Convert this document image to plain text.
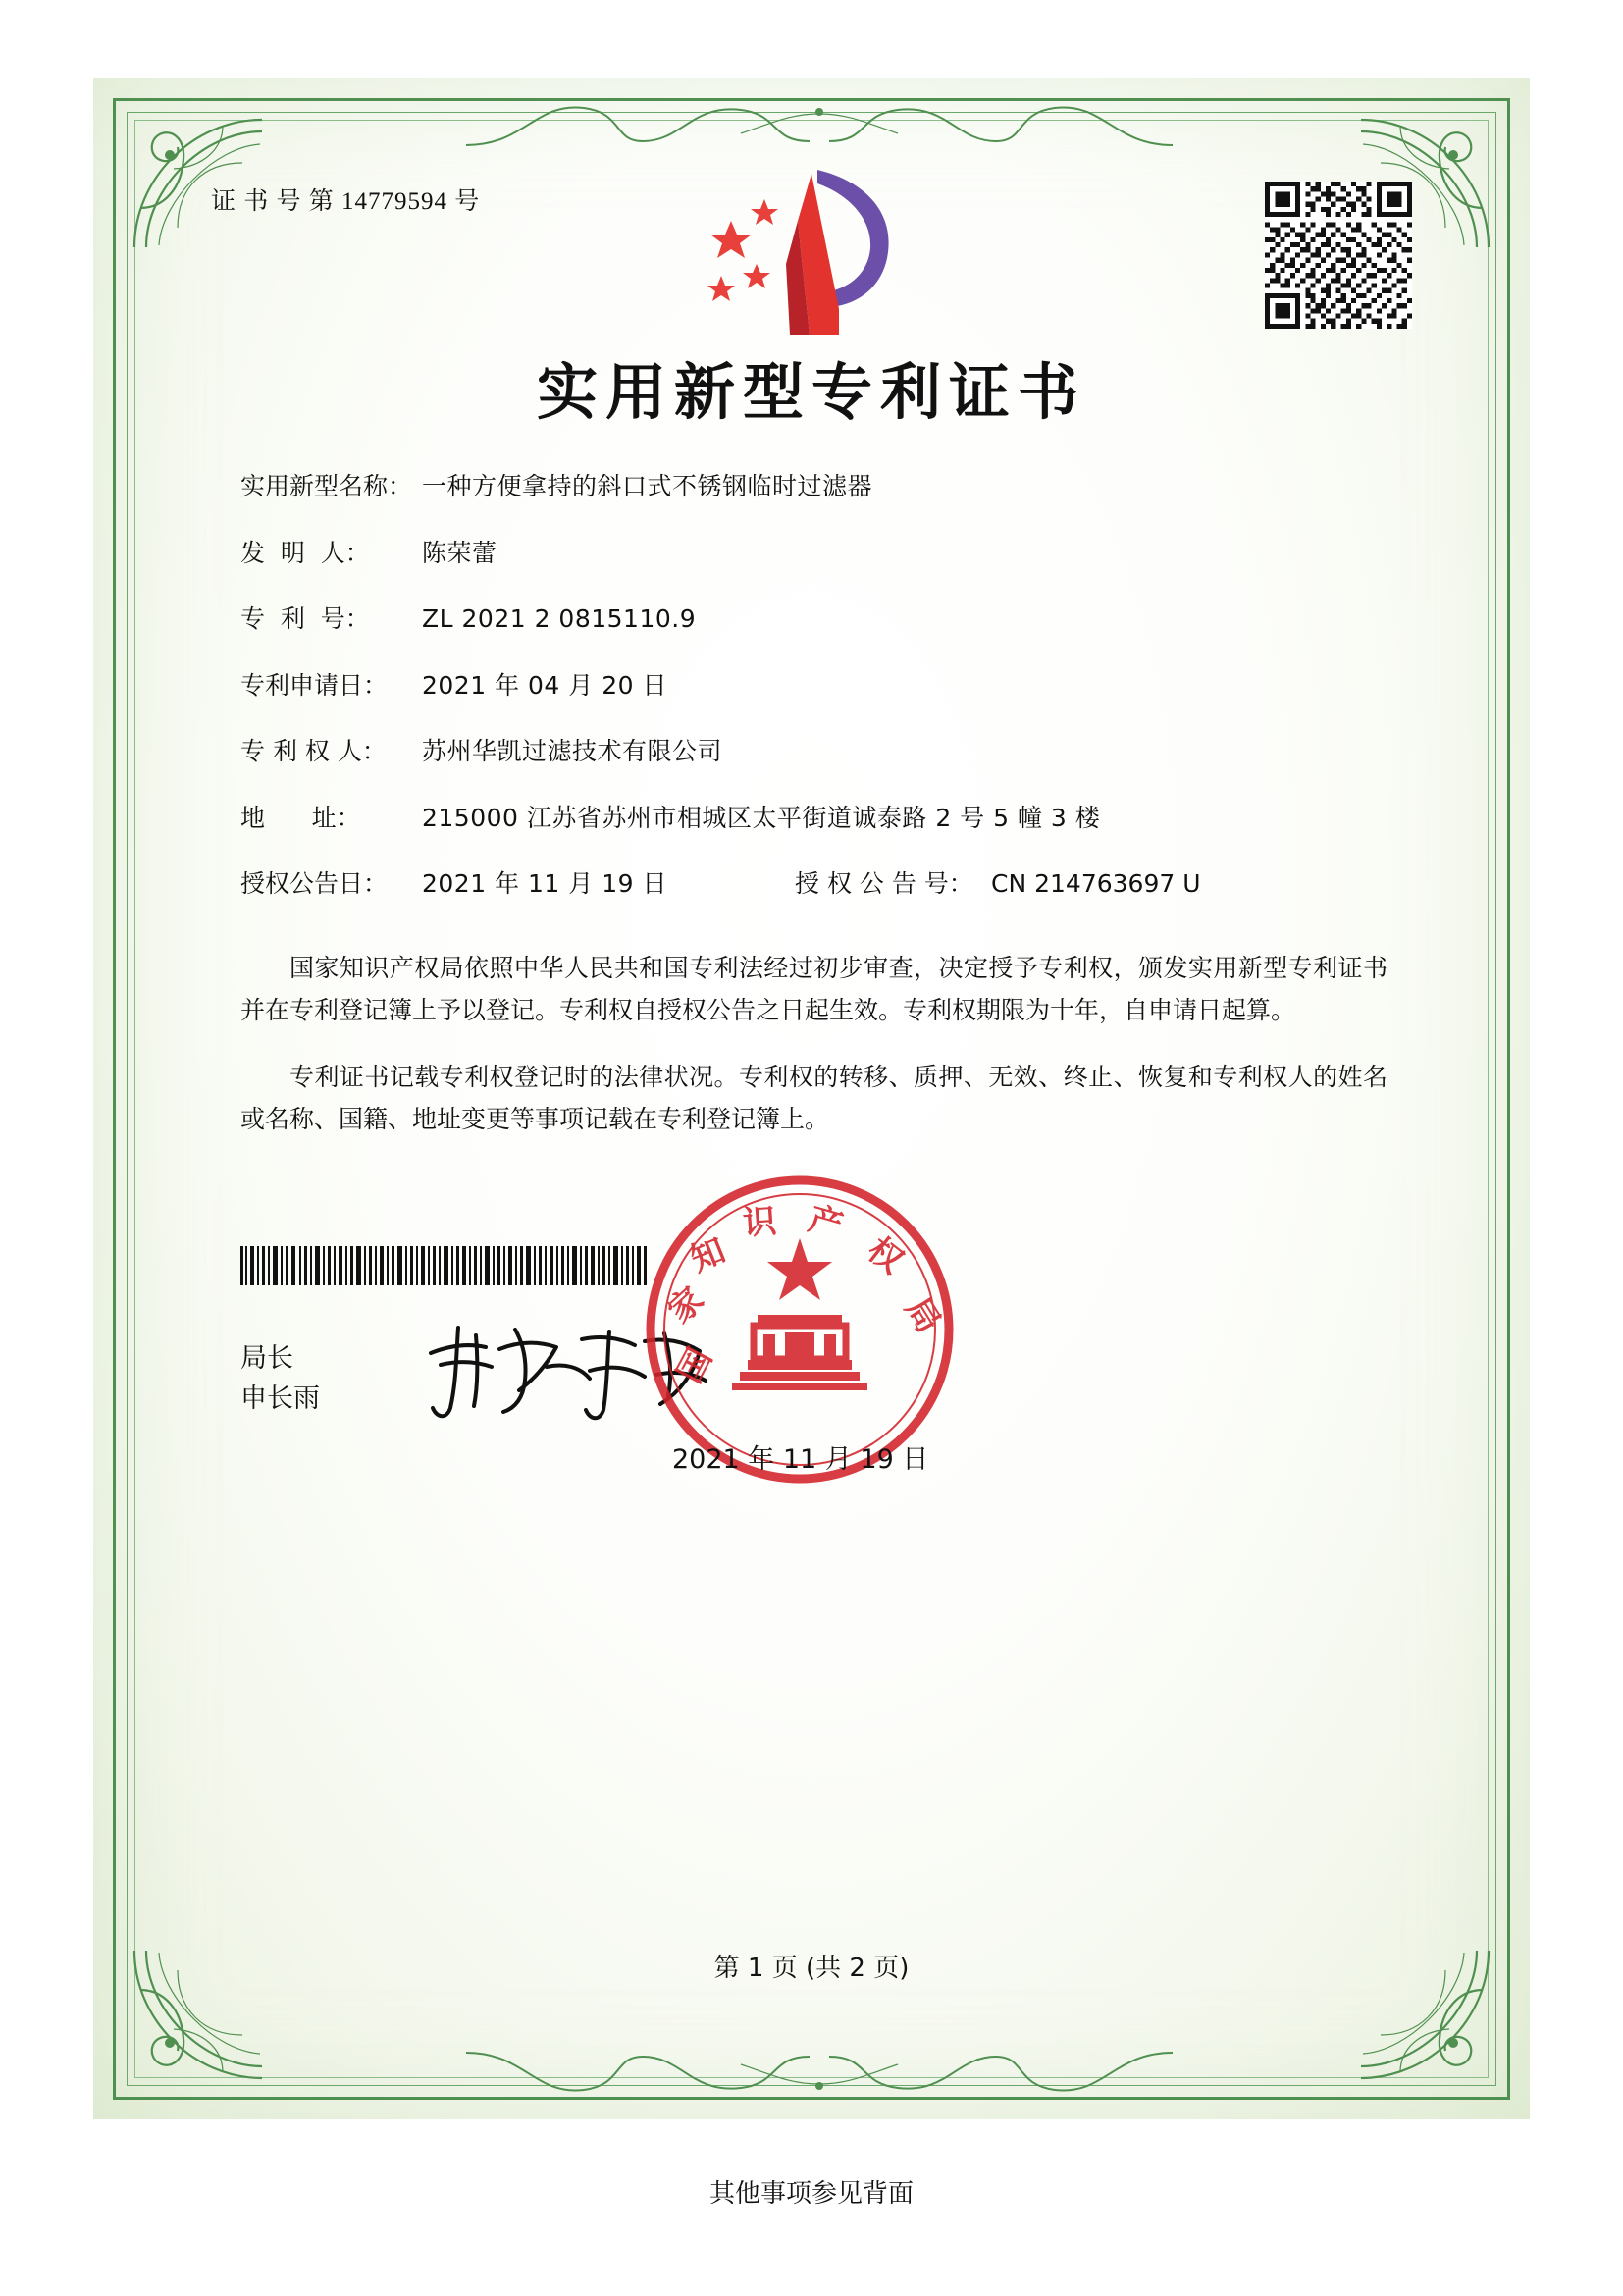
证 书 号 第 14779594 号
实用新型专利证书
实用新型名称： 一种方便拿持的斜口式不锈钢临时过滤器
发  明  人：	陈荣蕾
专  利  号：	ZL 2021 2 0815110.9
专利申请日：	2021 年 04 月 20 日
专 利 权 人：	苏州华凯过滤技术有限公司
地      址：	215000 江苏省苏州市相城区太平街道诚泰路 2 号 5 幢 3 楼
授权公告日：	2021 年 11 月 19 日	授 权 公 告 号： CN 214763697 U

国家知识产权局依照中华人民共和国专利法经过初步审查，决定授予专利权，颁发实用新型专利证书并在专利登记簿上予以登记。专利权自授权公告之日起生效。专利权期限为十年，自申请日起算。

专利证书记载专利权登记时的法律状况。专利权的转移、质押、无效、终止、恢复和专利权人的姓名或名称、国籍、地址变更等事项记载在专利登记簿上。

局长
申长雨
国
家
知
识 产
权
局
2021 年 11 月 19 日
第 1 页 (共 2 页)
其他事项参见背面
